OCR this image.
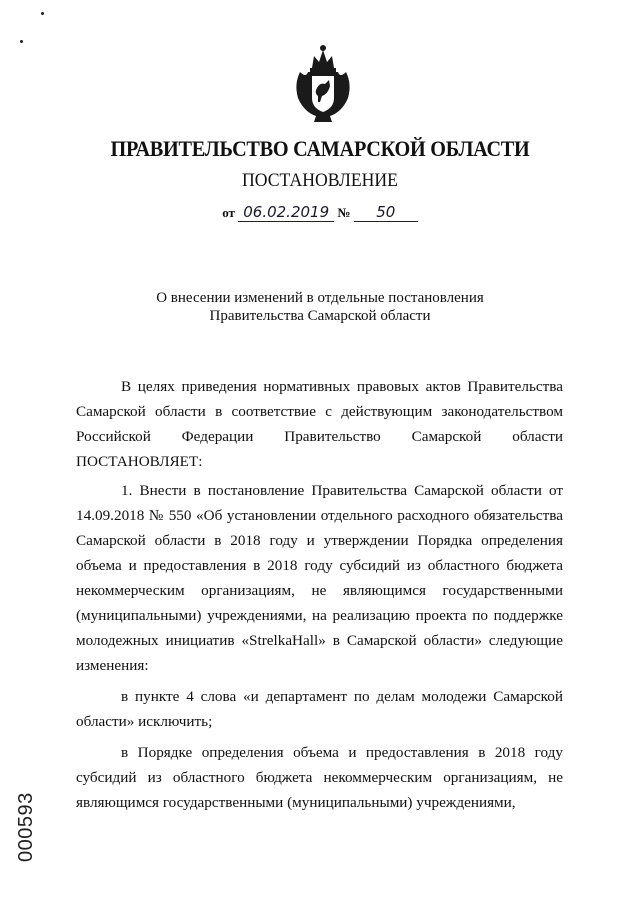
ПРАВИТЕЛЬСТВО САМАРСКОЙ ОБЛАСТИ
ПОСТАНОВЛЕНИЕ
от 06.02.2019 № 50
О внесении изменений в отдельные постановления
Правительства Самарской области

В целях приведения нормативных правовых актов Правительства Самарской области в соответствие с действующим законодательством Российской Федерации Правительство Самарской области ПОСТАНОВЛЯЕТ:

1. Внести в постановление Правительства Самарской области от 14.09.2018 № 550 «Об установлении отдельного расходного обязательства Самарской области в 2018 году и утверждении Порядка определения объема и предоставления в 2018 году субсидий из областного бюджета некоммерческим организациям, не являющимся государственными (муниципальными) учреждениями, на реализацию проекта по поддержке молодежных инициатив «StrelkaHall» в Самарской области» следующие изменения:

в пункте 4 слова «и департамент по делам молодежи Самарской области» исключить;

в Порядке определения объема и предоставления в 2018 году субсидий из областного бюджета некоммерческим организациям, не являющимся государственными (муниципальными) учреждениями,

000593
